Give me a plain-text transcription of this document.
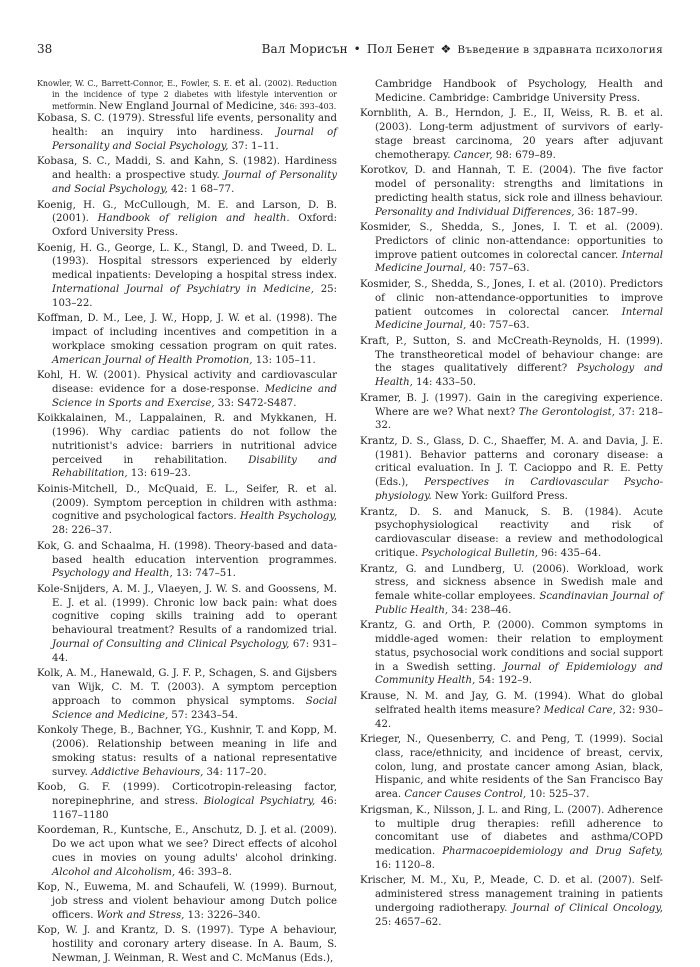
38	Вал Морисън • Пол Бенет ❖ Въведение в здравната психология

Knowler, W. C., Barrett-Connor, E., Fowler, S. E. et al. (2002). Reduction in the incidence of type 2 diabetes with lifestyle intervention or metformin. New England Journal of Medicine, 346: 393–403.

Kobasa, S. C. (1979). Stressful life events, personality and health: an inquiry into hardiness. Journal of Personality and Social Psychology, 37: 1–11.

Kobasa, S. C., Maddi, S. and Kahn, S. (1982). Hardiness and health: a prospective study. Journal of Personality and Social Psychology, 42: 1 68–77.

Koenig, H. G., McCullough, M. E. and Larson, D. B. (2001). Handbook of religion and health. Oxford: Oxford University Press.

Koenig, H. G., George, L. K., Stangl, D. and Tweed, D. L. (1993). Hospital stressors experienced by elderly medical inpatients: Developing a hospital stress index. International Journal of Psychiatry in Medicine, 25: 103–22.

Koffman, D. M., Lee, J. W., Hopp, J. W. et al. (1998). The impact of including incentives and competition in a workplace smoking cessation program on quit rates. American Journal of Health Promotion, 13: 105–11.

Kohl, H. W. (2001). Physical activity and cardiovascular disease: evidence for a dose-response. Medicine and Science in Sports and Exercise, 33: S472-S487.

Koikkalainen, M., Lappalainen, R. and Mykkanen, H. (1996). Why cardiac patients do not follow the nutritionist's advice: barriers in nutritional advice perceived in rehabilitation. Disability and Rehabilitation, 13: 619–23.

Koinis-Mitchell, D., McQuaid, E. L., Seifer, R. et al. (2009). Symptom perception in children with asthma: cognitive and psychological factors. Health Psychology, 28: 226–37.

Kok, G. and Schaalma, H. (1998). Theory-based and data-based health education intervention programmes. Psychology and Health, 13: 747–51.

Kole-Snijders, A. M. J., Vlaeyen, J. W. S. and Goossens, M. E. J. et al. (1999). Chronic low back pain: what does cognitive coping skills training add to operant behavioural treatment? Results of a randomized trial. Journal of Consulting and Clinical Psychology, 67: 931–44.

Kolk, A. M., Hanewald, G. J. F. P., Schagen, S. and Gijsbers van Wijk, C. M. T. (2003). A symptom perception approach to common physical symptoms. Social Science and Medicine, 57: 2343–54.

Konkoly Thege, B., Bachner, YG., Kushnir, T. and Kopp, M. (2006). Relationship between meaning in life and smoking status: results of a national representative survey. Addictive Behaviours, 34: 117–20.

Koob, G. F. (1999). Corticotropin-releasing factor, norepinephrine, and stress. Biological Psychiatry, 46: 1167–1180

Koordeman, R., Kuntsche, E., Anschutz, D. J. et al. (2009). Do we act upon what we see? Direct effects of alcohol cues in movies on young adults' alcohol drinking. Alcohol and Alcoholism, 46: 393–8.

Kop, N., Euwema, M. and Schaufeli, W. (1999). Burnout, job stress and violent behaviour among Dutch police officers. Work and Stress, 13: 3226–340.

Kop, W. J. and Krantz, D. S. (1997). Type A behaviour, hostility and coronary artery disease. In A. Baum, S. Newman, J. Weinman, R. West and C. McManus (Eds.),

Cambridge Handbook of Psychology, Health and Medicine. Cambridge: Cambridge University Press.

Kornblith, A. B., Herndon, J. E., II, Weiss, R. B. et al. (2003). Long-term adjustment of survivors of early-stage breast carcinoma, 20 years after adjuvant chemotherapy. Cancer, 98: 679–89.

Korotkov, D. and Hannah, T. E. (2004). The five factor model of personality: strengths and limitations in predicting health status, sick role and illness behaviour. Personality and Individual Differences, 36: 187–99.

Kosmider, S., Shedda, S., Jones, I. T. et al. (2009). Predictors of clinic non-attendance: opportunities to improve patient outcomes in colorectal cancer. Internal Medicine Journal, 40: 757–63.

Kosmider, S., Shedda, S., Jones, I. et al. (2010). Predictors of clinic non-attendance-opportunities to improve patient outcomes in colorectal cancer. Internal Medicine Journal, 40: 757–63.

Kraft, P., Sutton, S. and McCreath-Reynolds, H. (1999). The transtheoretical model of behaviour change: are the stages qualitatively different? Psychology and Health, 14: 433–50.

Kramer, B. J. (1997). Gain in the caregiving experience. Where are we? What next? The Gerontologist, 37: 218–32.

Krantz, D. S., Glass, D. C., Shaeffer, M. A. and Davia, J. E. (1981). Behavior patterns and coronary disease: a critical evaluation. In J. T. Cacioppo and R. E. Petty (Eds.), Perspectives in Cardiovascular Psycho-physiology. New York: Guilford Press.

Krantz, D. S. and Manuck, S. B. (1984). Acute psychophysiological reactivity and risk of cardiovascular disease: a review and methodological critique. Psychological Bulletin, 96: 435–64.

Krantz, G. and Lundberg, U. (2006). Workload, work stress, and sickness absence in Swedish male and female white-collar employees. Scandinavian Journal of Public Health, 34: 238–46.

Krantz, G. and Orth, P. (2000). Common symptoms in middle-aged women: their relation to employment status, psychosocial work conditions and social support in a Swedish setting. Journal of Epidemiology and Community Health, 54: 192–9.

Krause, N. M. and Jay, G. M. (1994). What do global selfrated health items measure? Medical Care, 32: 930–42.

Krieger, N., Quesenberry, C. and Peng, T. (1999). Social class, race/ethnicity, and incidence of breast, cervix, colon, lung, and prostate cancer among Asian, black, Hispanic, and white residents of the San Francisco Bay area. Cancer Causes Control, 10: 525–37.

Krigsman, K., Nilsson, J. L. and Ring, L. (2007). Adherence to multiple drug therapies: refill adherence to concomitant use of diabetes and asthma/COPD medication. Pharmacoepidemiology and Drug Safety, 16: 1120–8.

Krischer, M. M., Xu, P., Meade, C. D. et al. (2007). Self-administered stress management training in patients undergoing radiotherapy. Journal of Clinical Oncology, 25: 4657–62.
